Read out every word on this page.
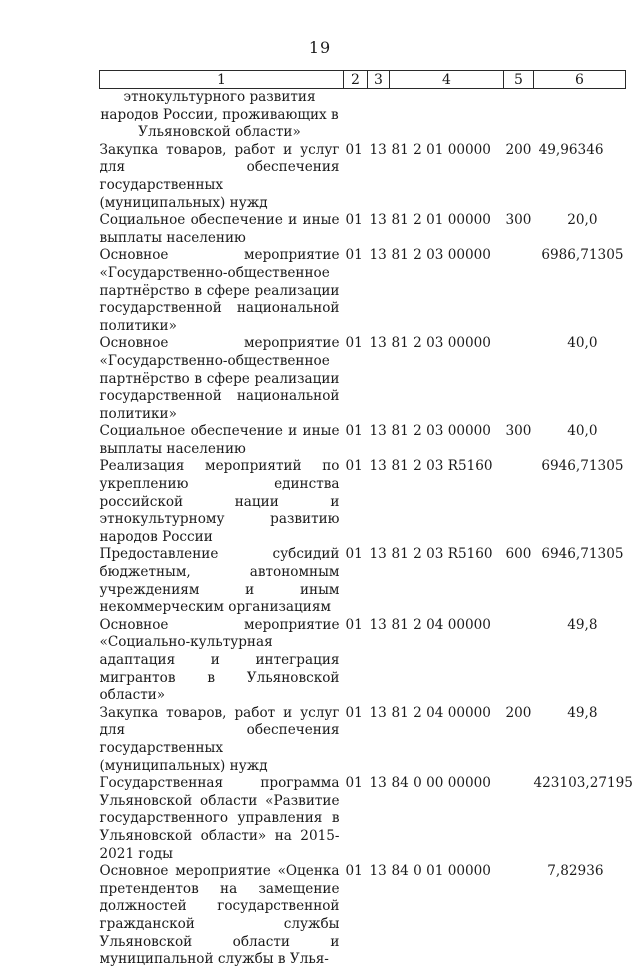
19
1	2	3	4	5	6
этнокультурного развития народов России, проживающих в Ульяновской области»					
Закупка товаров, работ и услуг для обеспечения государственных (муниципальных) нужд	01	13	81 2 01 00000	200	49,96346
Социальное обеспечение и иные выплаты населению	01	13	81 2 01 00000	300	20,0
Основное мероприятие «Государственно-общественное партнёрство в сфере реализации государственной национальной политики»	01	13	81 2 03 00000		6986,71305
Основное мероприятие «Государственно-общественное партнёрство в сфере реализации государственной национальной политики»	01	13	81 2 03 00000		40,0
Социальное обеспечение и иные выплаты населению	01	13	81 2 03 00000	300	40,0
Реализация мероприятий по укреплению единства российской нации и этнокультурному развитию народов России	01	13	81 2 03 R5160		6946,71305
Предоставление субсидий бюджетным, автономным учреждениям и иным некоммерческим организациям	01	13	81 2 03 R5160	600	6946,71305
Основное мероприятие «Социально-культурная адаптация и интеграция мигрантов в Ульяновской области»	01	13	81 2 04 00000		49,8
Закупка товаров, работ и услуг для обеспечения государственных (муниципальных) нужд	01	13	81 2 04 00000	200	49,8
Государственная программа Ульяновской области «Развитие государственного управления в Ульяновской области» на 2015-2021 годы	01	13	84 0 00 00000		423103,27195
Основное мероприятие «Оценка претендентов на замещение должностей государственной гражданской службы Ульяновской области и муниципальной службы в Улья-	01	13	84 0 01 00000		7,82936
